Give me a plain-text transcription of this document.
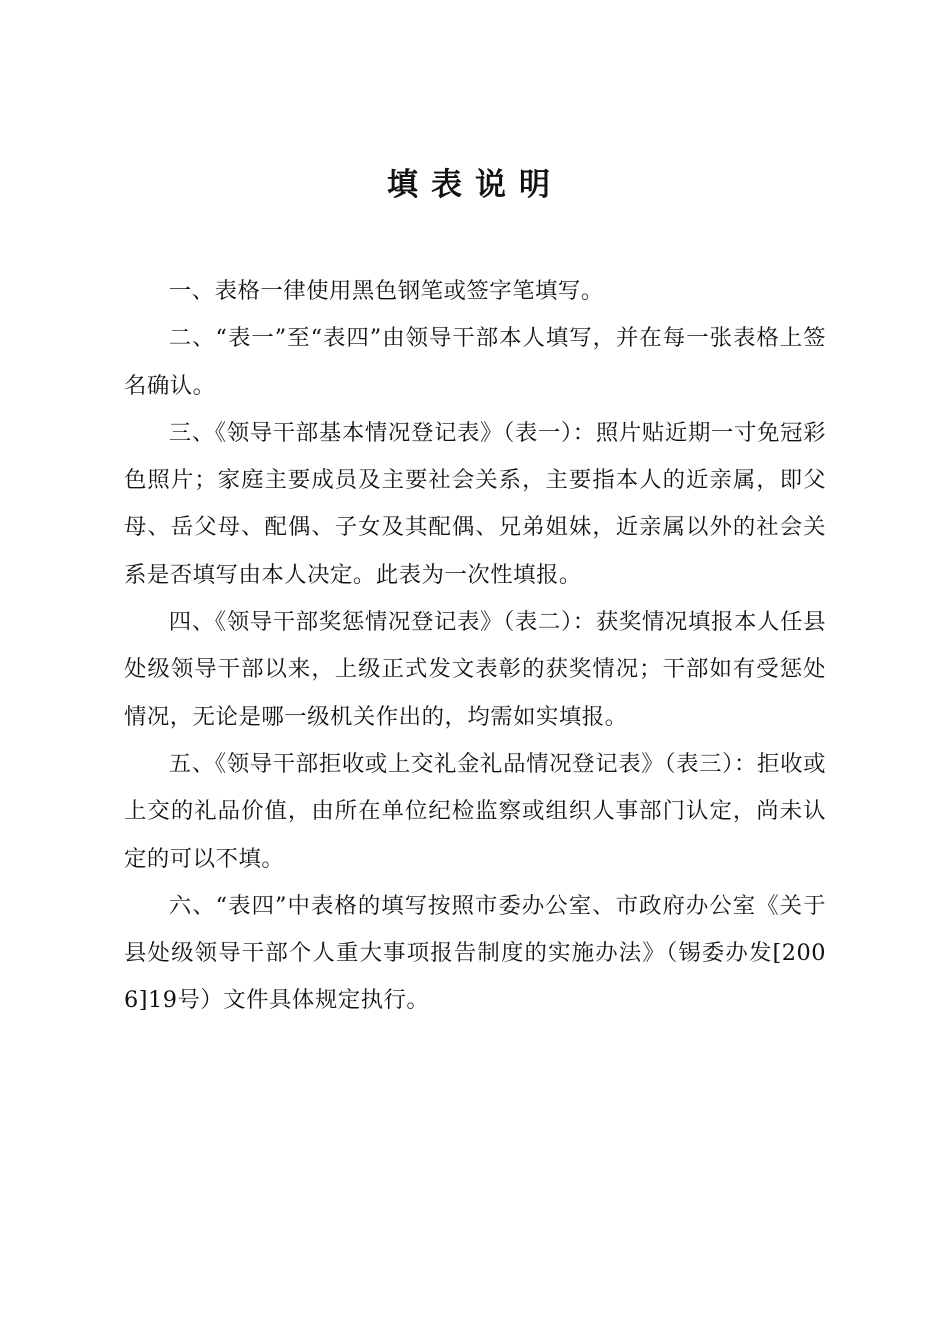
填表说明

一、表格一律使用黑色钢笔或签字笔填写。

二、“表一”至“表四”由领导干部本人填写，并在每一张表格上签名确认。

三、《领导干部基本情况登记表》（表一）：照片贴近期一寸免冠彩色照片；家庭主要成员及主要社会关系，主要指本人的近亲属，即父母、岳父母、配偶、子女及其配偶、兄弟姐妹，近亲属以外的社会关系是否填写由本人决定。此表为一次性填报。

四、《领导干部奖惩情况登记表》（表二）：获奖情况填报本人任县处级领导干部以来，上级正式发文表彰的获奖情况；干部如有受惩处情况，无论是哪一级机关作出的，均需如实填报。

五、《领导干部拒收或上交礼金礼品情况登记表》（表三）：拒收或上交的礼品价值，由所在单位纪检监察或组织人事部门认定，尚未认定的可以不填。

六、“表四”中表格的填写按照市委办公室、市政府办公室《关于县处级领导干部个人重大事项报告制度的实施办法》（锡委办发[2006]19号）文件具体规定执行。
